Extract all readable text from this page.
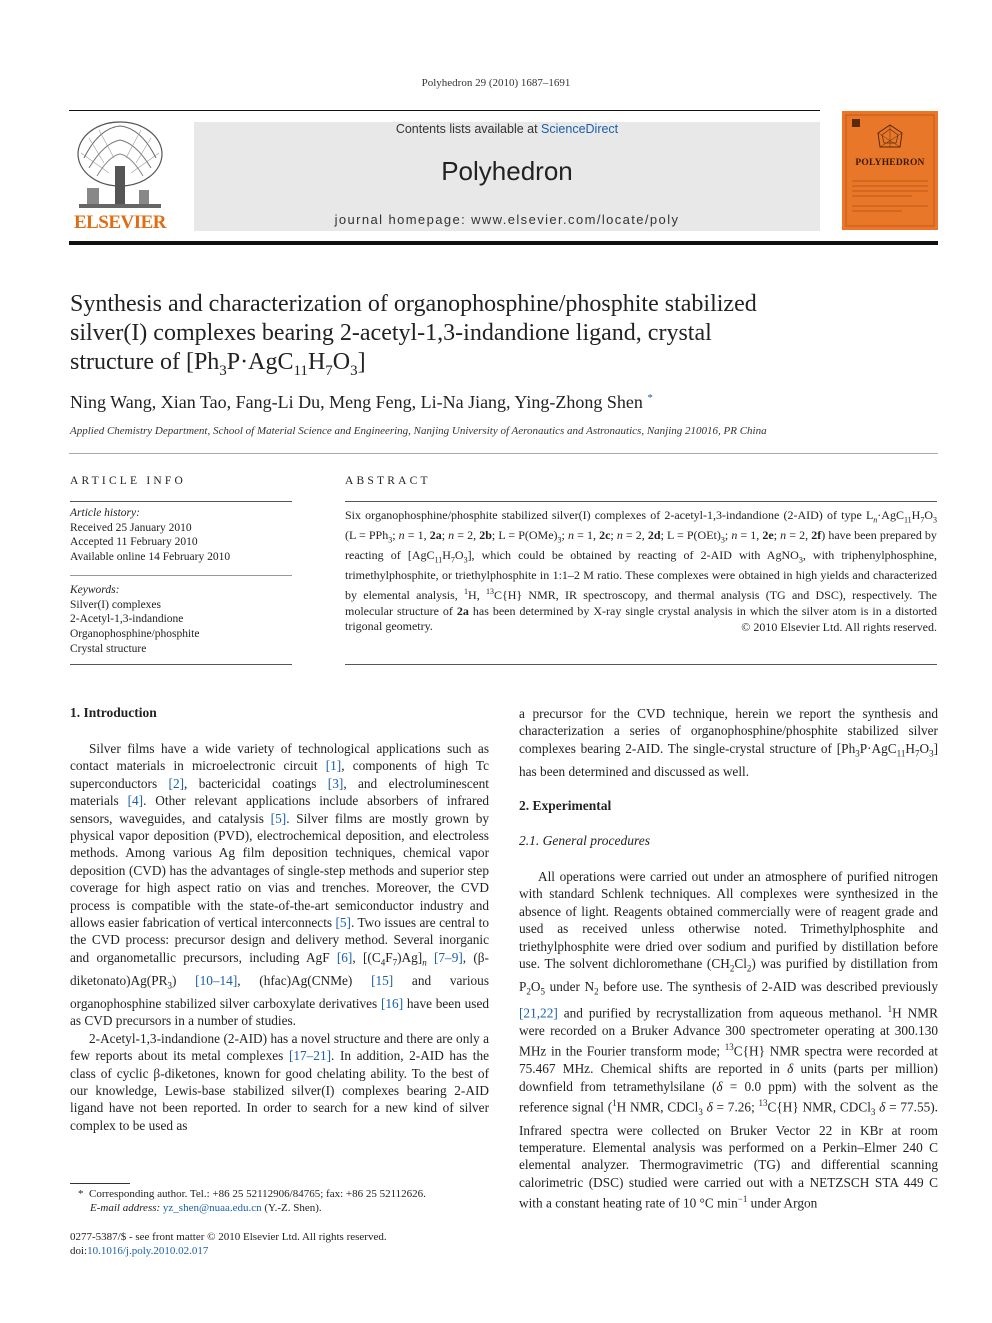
Polyhedron 29 (2010) 1687–1691
ELSEVIER
Contents lists available at ScienceDirect
Polyhedron
journal homepage: www.elsevier.com/locate/poly
POLYHEDRON
Synthesis and characterization of organophosphine/phosphite stabilized
silver(I) complexes bearing 2-acetyl-1,3-indandione ligand, crystal
structure of $[Ph_3P\cdot AgC_{11}H_7O_3]$
Ning Wang, Xian Tao, Fang-Li Du, Meng Feng, Li-Na Jiang, Ying-Zhong Shen *
Applied Chemistry Department, School of Material Science and Engineering, Nanjing University of Aeronautics and Astronautics, Nanjing 210016, PR China
ARTICLE INFO
Article history:
Received 25 January 2010
Accepted 11 February 2010
Available online 14 February 2010
Keywords:
Silver(I) complexes
2-Acetyl-1,3-indandione
Organophosphine/phosphite
Crystal structure
ABSTRACT
Six organophosphine/phosphite stabilized silver(I) complexes of 2-acetyl-1,3-indandione (2-AID) of type $L_n\cdot AgC_{11}H_7O_3$ (L = PPh$_3$; n = 1, 2a; n = 2, 2b; $L = P(OMe)_3$; n = 1, 2c; n = 2, 2d; $L = P(OEt)_3$; n = 1, 2e; n = 2, 2f) have been prepared by reacting of $[AgC_{11}H_7O_3]$, which could be obtained by reacting of 2-AID with AgNO$_3$, with triphenylphosphine, trimethylphosphite, or triethylphosphite in 1:1–2 M ratio. These complexes were obtained in high yields and characterized by elemental analysis, $^1$H, $^{13}$C{H} NMR, IR spectroscopy, and thermal analysis (TG and DSC), respectively. The molecular structure of 2a has been determined by X-ray single crystal analysis in which the silver atom is in a distorted trigonal geometry.	© 2010 Elsevier Ltd. All rights reserved.
1. Introduction

Silver films have a wide variety of technological applications such as contact materials in microelectronic circuit [1], components of high Tc superconductors [2], bactericidal coatings [3], and electroluminescent materials [4]. Other relevant applications include absorbers of infrared sensors, waveguides, and catalysis [5]. Silver films are mostly grown by physical vapor deposition (PVD), electrochemical deposition, and electroless methods. Among various Ag film deposition techniques, chemical vapor deposition (CVD) has the advantages of single-step methods and superior step coverage for high aspect ratio on vias and trenches. Moreover, the CVD process is compatible with the state-of-the-art semiconductor industry and allows easier fabrication of vertical interconnects [5]. Two issues are central to the CVD process: precursor design and delivery method. Several inorganic and organometallic precursors, including AgF [6], $[(C_4F_7)Ag]_n$ [7–9], $(\beta-diketonato)Ag(PR_3)$ [10–14], (hfac)Ag(CNMe) [15] and various organophosphine stabilized silver carboxylate derivatives [16] have been used as CVD precursors in a number of studies.

2-Acetyl-1,3-indandione (2-AID) has a novel structure and there are only a few reports about its metal complexes [17–21]. In addition, 2-AID has the class of cyclic β-diketones, known for good chelating ability. To the best of our knowledge, Lewis-base stabilized silver(I) complexes bearing 2-AID ligand have not been reported. In order to search for a new kind of silver complex to be used as

*  Corresponding author. Tel.: +86 25 52112906/84765; fax: +86 25 52112626.
E-mail address: yz_shen@nuaa.edu.cn (Y.-Z. Shen).
0277-5387/$ - see front matter © 2010 Elsevier Ltd. All rights reserved.
doi:10.1016/j.poly.2010.02.017

a precursor for the CVD technique, herein we report the synthesis and characterization a series of organophosphine/phosphite stabilized silver complexes bearing 2-AID. The single-crystal structure of $[Ph_3P\cdot AgC_{11}H_7O_3]$ has been determined and discussed as well.

2. Experimental
2.1. General procedures

All operations were carried out under an atmosphere of purified nitrogen with standard Schlenk techniques. All complexes were synthesized in the absence of light. Reagents obtained commercially were of reagent grade and used as received unless otherwise noted. Trimethylphosphite and triethylphosphite were dried over sodium and purified by distillation before use. The solvent dichloromethane $(CH_2Cl_2)$ was purified by distillation from $P_2O_5$ under $N_2$ before use. The synthesis of 2-AID was described previously [21,22] and purified by recrystallization from aqueous methanol. $^1$H NMR were recorded on a Bruker Advance 300 spectrometer operating at 300.130 MHz in the Fourier transform mode; $^{13}$C{H} NMR spectra were recorded at 75.467 MHz. Chemical shifts are reported in δ units (parts per million) downfield from tetramethylsilane (δ = 0.0 ppm) with the solvent as the reference signal ($^1$H NMR, CDCl$_3$ δ = 7.26; $^{13}$C{H} NMR, CDCl$_3$ δ = 77.55). Infrared spectra were collected on Bruker Vector 22 in KBr at room temperature. Elemental analysis was performed on a Perkin–Elmer 240 C elemental analyzer. Thermogravimetric (TG) and differential scanning calorimetric (DSC) studied were carried out with a NETZSCH STA 449 C with a constant heating rate of 10 °C $\min^{-1}$ under Argon
